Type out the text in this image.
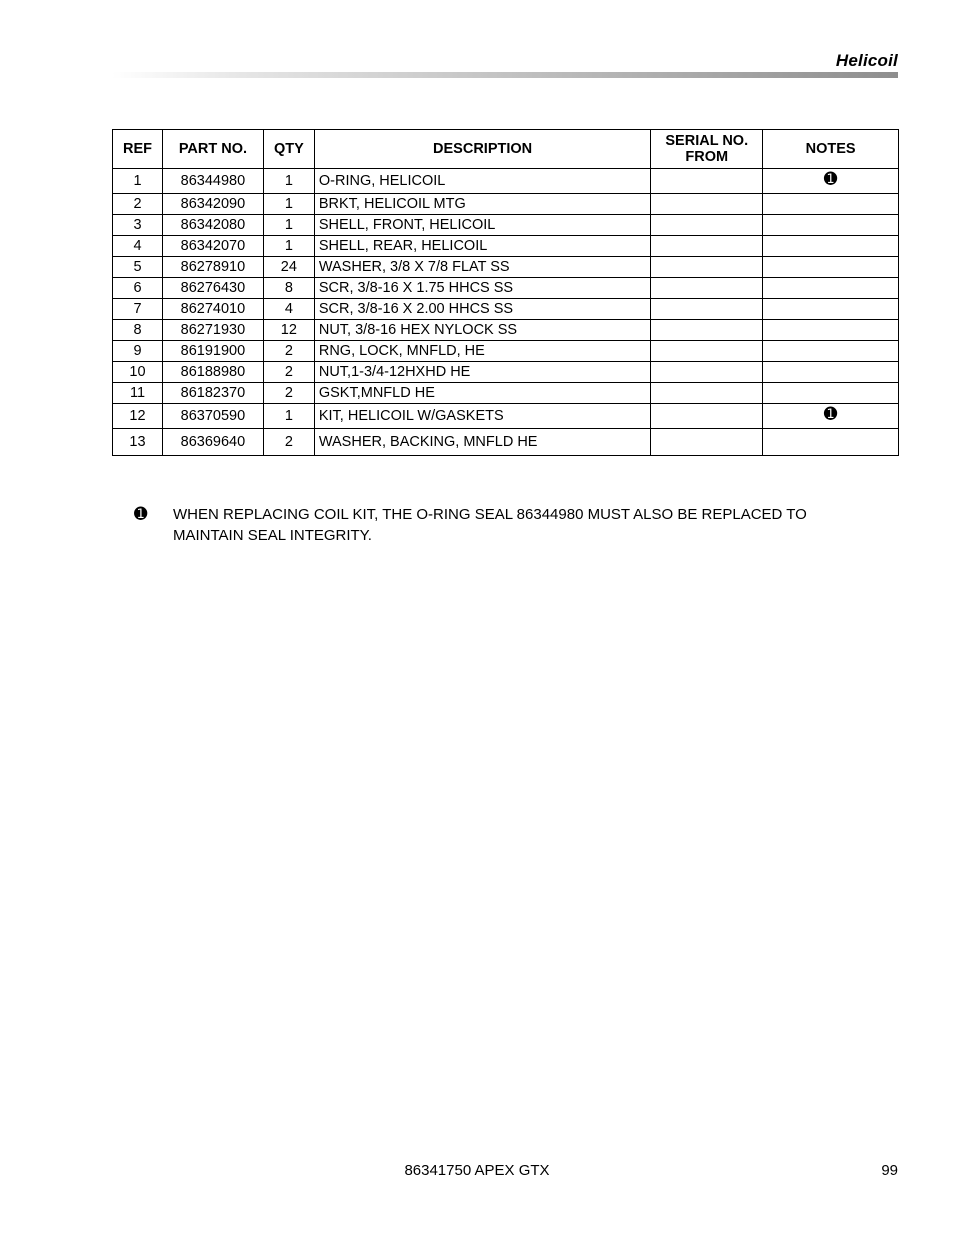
Helicoil
REF	PART NO.	QTY	DESCRIPTION	SERIAL NO. FROM	NOTES
1	86344980	1	O-RING, HELICOIL		➊
2	86342090	1	BRKT, HELICOIL MTG		
3	86342080	1	SHELL, FRONT, HELICOIL		
4	86342070	1	SHELL, REAR, HELICOIL		
5	86278910	24	WASHER, 3/8 X 7/8 FLAT SS		
6	86276430	8	SCR, 3/8-16 X 1.75 HHCS SS		
7	86274010	4	SCR, 3/8-16 X 2.00 HHCS SS		
8	86271930	12	NUT, 3/8-16 HEX NYLOCK SS		
9	86191900	2	RNG, LOCK, MNFLD, HE		
10	86188980	2	NUT,1-3/4-12HXHD HE		
11	86182370	2	GSKT,MNFLD HE		
12	86370590	1	KIT, HELICOIL W/GASKETS		➊
13	86369640	2	WASHER, BACKING, MNFLD HE		
➊ WHEN REPLACING COIL KIT, THE O-RING SEAL 86344980 MUST ALSO BE REPLACED TO MAINTAIN SEAL INTEGRITY.
86341750 APEX GTX	99
